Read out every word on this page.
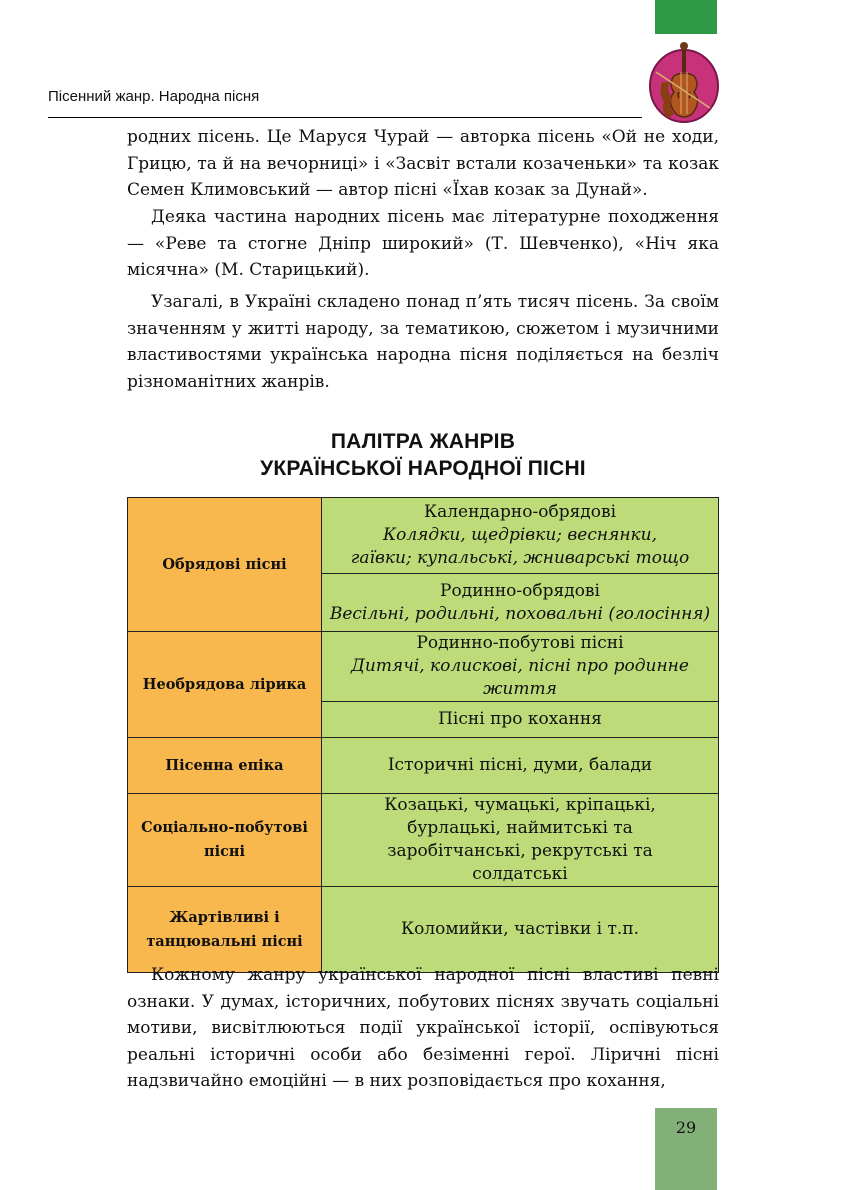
Пісенний жанр. Народна пісня
родних пісень. Це Маруся Чурай — авторка пісень «Ой не ходи, Грицю, та й на вечорниці» і «Засвіт встали козаченьки» та козак Семен Климовський — автор пісні «Їхав козак за Дунай».
Деяка частина народних пісень має літературне походження — «Реве та стогне Дніпр широкий» (Т. Шевченко), «Ніч яка місячна» (М. Старицький).
Узагалі, в Україні складено понад п’ять тисяч пісень. За своїм значенням у житті народу, за тематикою, сюжетом і музичними властивостями українська народна пісня поділяється на безліч різноманітних жанрів.
ПАЛІТРА ЖАНРІВ
УКРАЇНСЬКОЇ НАРОДНОЇ ПІСНІ
Обрядові пісні	Календарно-обрядові
Колядки, щедрівки; веснянки, гаївки; купальські, жниварські тощо

	Родинно-обрядові
Весільні, родильні, поховальні (голосіння)

Необрядова лірика	Родинно-побутові пісні
Дитячі, колискові, пісні про родинне життя

	Пісні про кохання

Пісенна епіка	Історичні пісні, думи, балади

Соціально-побутові пісні	Козацькі, чумацькі, кріпацькі, бурлацькі, наймитські та заробітчанські, рекрутські та солдатські

Жартівливі і танцювальні пісні	Коломийки, частівки і т.п.
Кожному жанру української народної пісні властиві певні ознаки. У думах, історичних, побутових піснях звучать соціальні мотиви, висвітлюються події української історії, оспівуються реальні історичні особи або безіменні герої. Ліричні пісні надзвичайно емоційні — в них розповідається про кохання,
29
